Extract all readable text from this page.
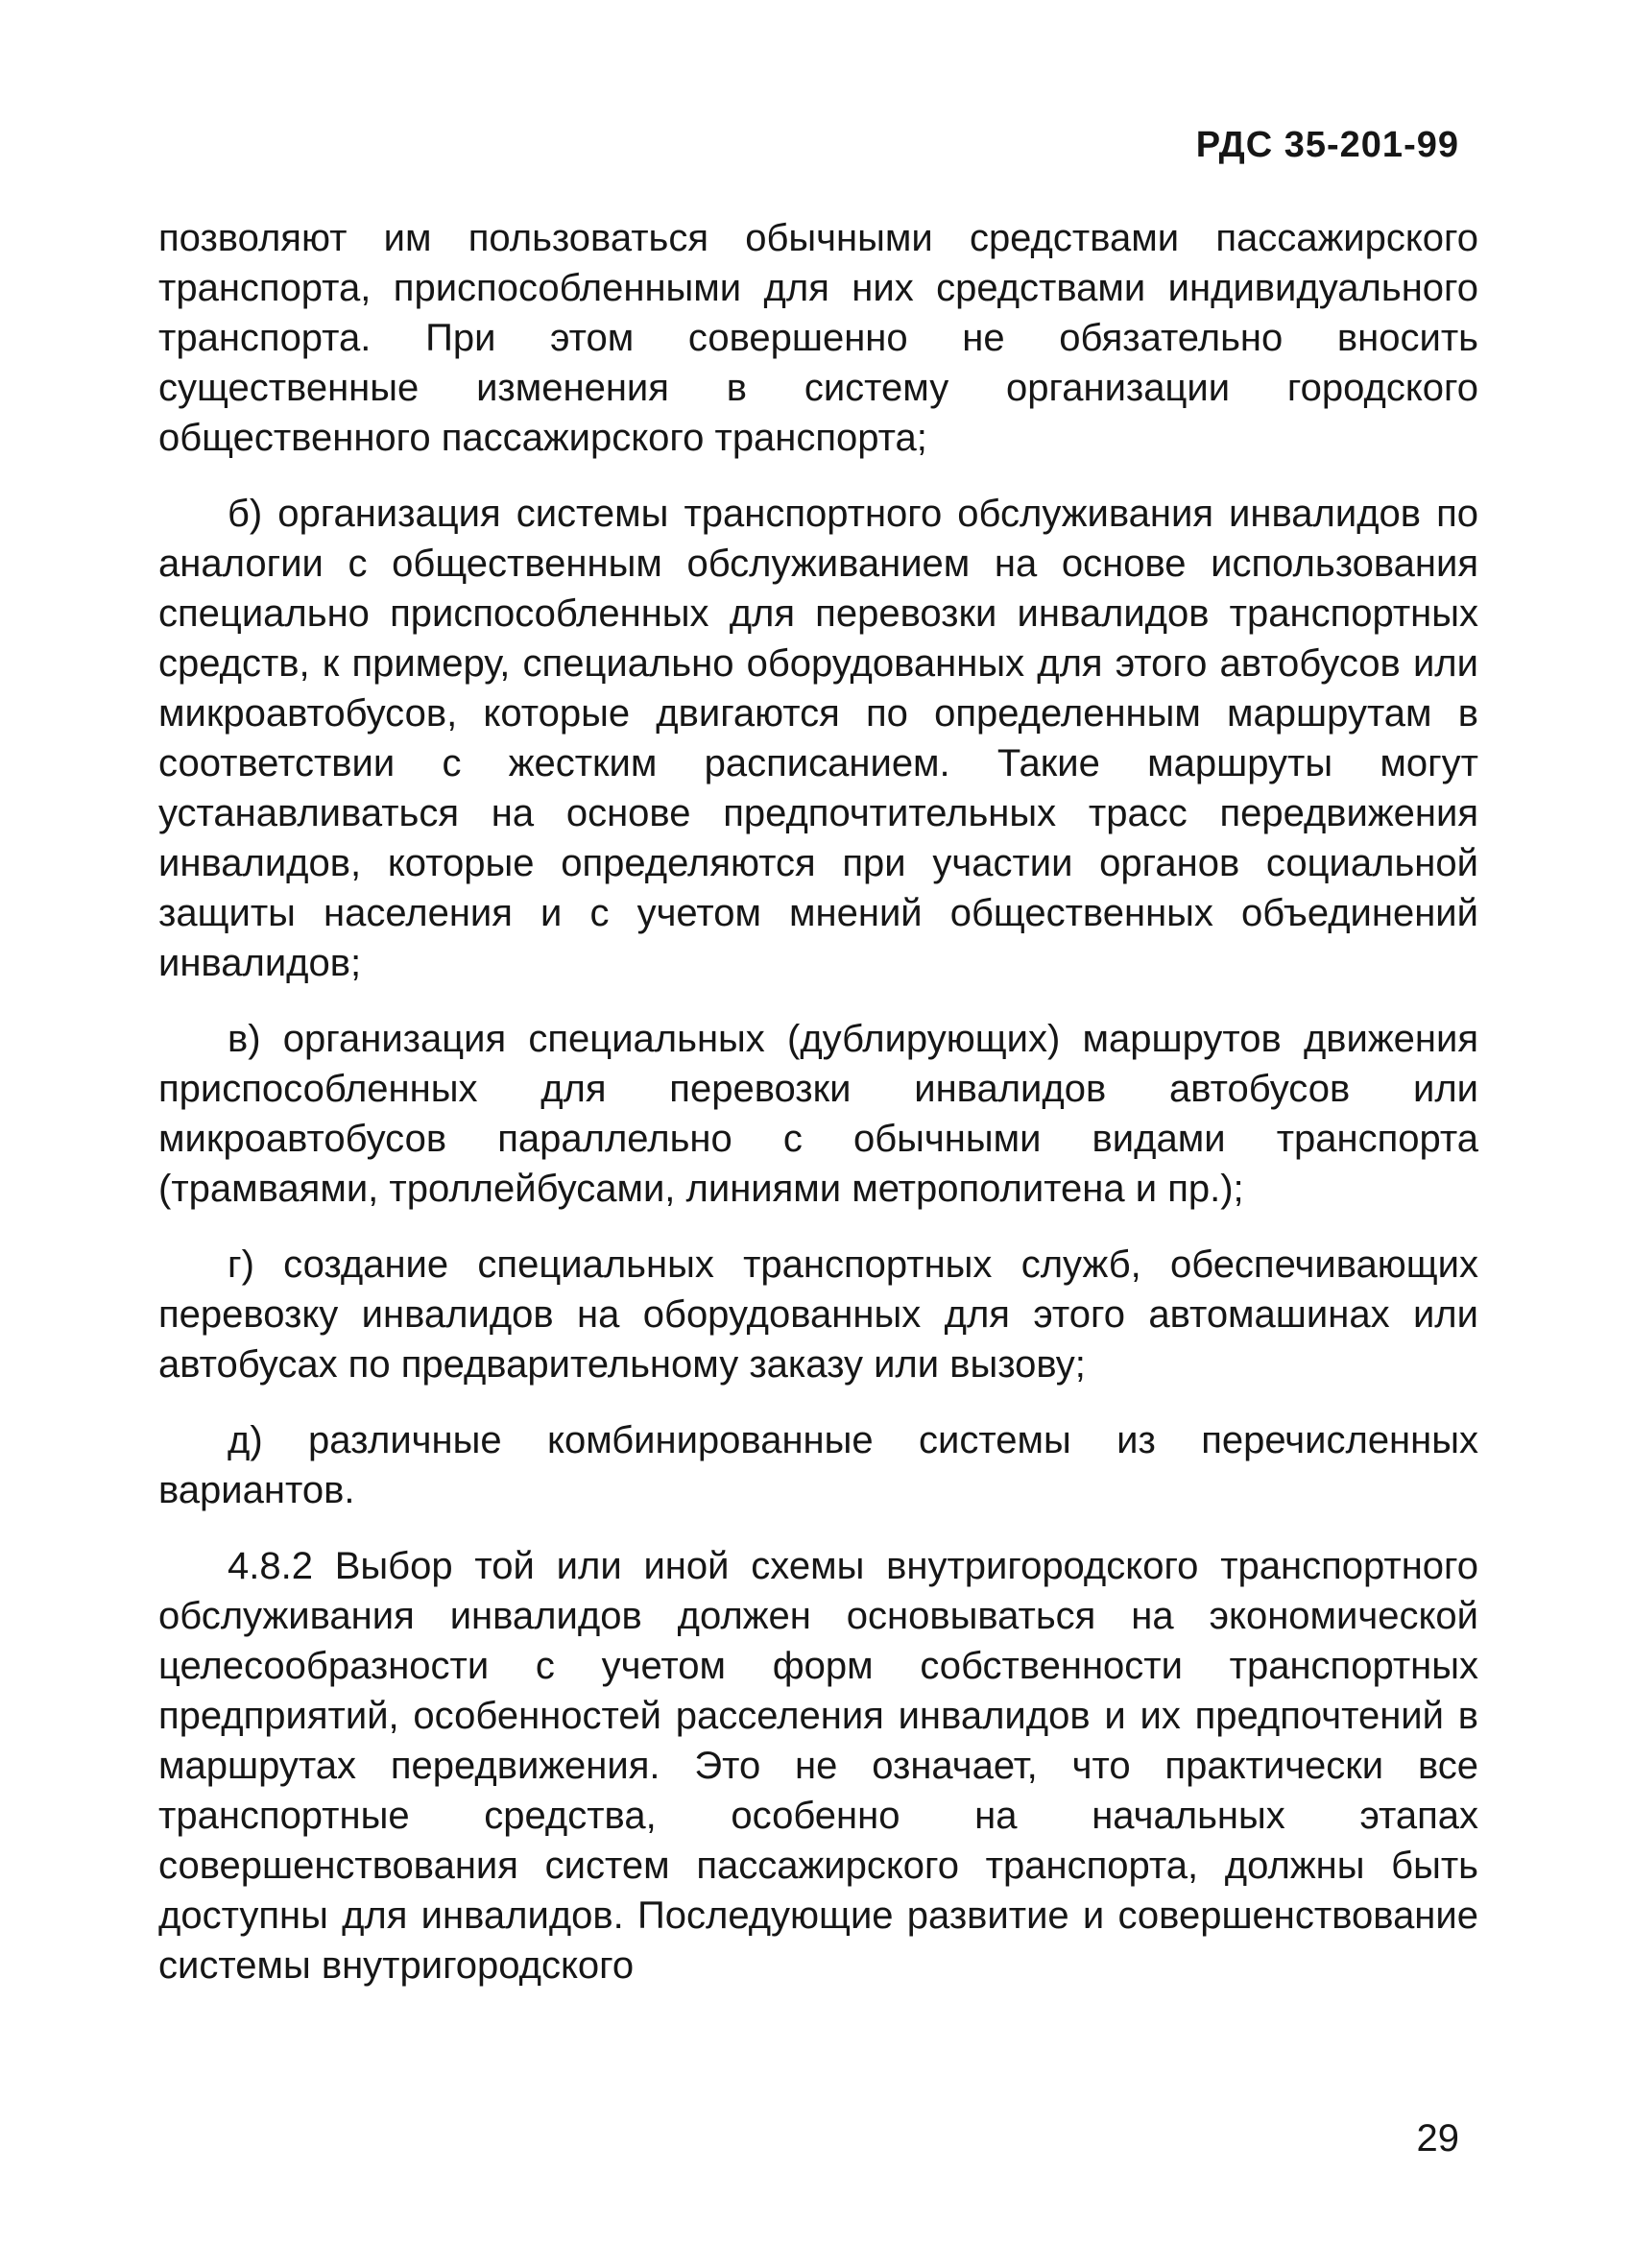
РДС 35-201-99

позволяют им пользоваться обычными средствами пассажирского транспорта, приспособленными для них средствами индивидуального транспорта. При этом совершенно не обязательно вносить существенные изменения в систему организации городского общественного пассажирского транспорта;

б) организация системы транспортного обслуживания инвалидов по аналогии с общественным обслуживанием на основе использования специально приспособленных для перевозки инвалидов транспортных средств, к примеру, специально оборудованных для этого автобусов или микроавтобусов, которые двигаются по определенным маршрутам в соответствии с жестким расписанием. Такие маршруты могут устанавливаться на основе предпочтительных трасс передвижения инвалидов, которые определяются при участии органов социальной защиты населения и с учетом мнений общественных объединений инвалидов;

в) организация специальных (дублирующих) маршрутов движения приспособленных для перевозки инвалидов автобусов или микроавтобусов параллельно с обычными видами транспорта (трамваями, троллейбусами, линиями метрополитена и пр.);

г) создание специальных транспортных служб, обеспечивающих перевозку инвалидов на оборудованных для этого автомашинах или автобусах по предварительному заказу или вызову;

д) различные комбинированные системы из перечисленных вариантов.

4.8.2 Выбор той или иной схемы внутригородского транспортного обслуживания инвалидов должен основываться на экономической целесообразности с учетом форм собственности транспортных предприятий, особенностей расселения инвалидов и их предпочтений в маршрутах передвижения. Это не означает, что практически все транспортные средства, особенно на начальных этапах совершенствования систем пассажирского транспорта, должны быть доступны для инвалидов. Последующие развитие и совершенствование системы внутригородского

29
